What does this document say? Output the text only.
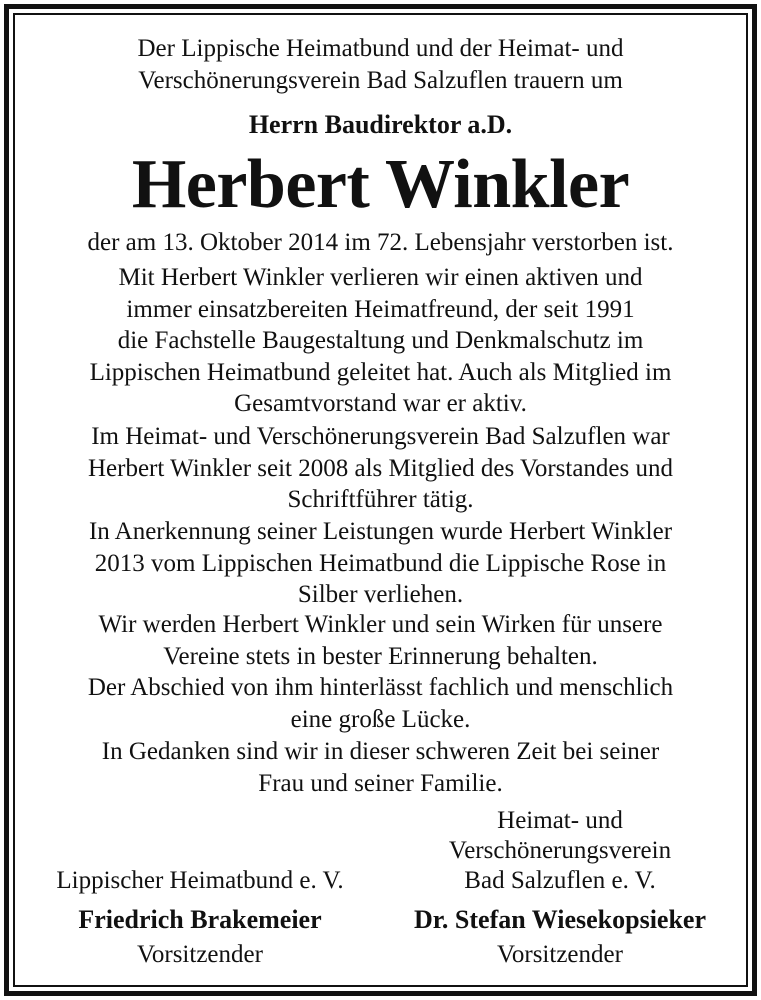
Der Lippische Heimatbund und der Heimat- und
Verschönerungsverein Bad Salzuflen trauern um
Herrn Baudirektor a.D.
Herbert Winkler
der am 13. Oktober 2014 im 72. Lebensjahr verstorben ist.
Mit Herbert Winkler verlieren wir einen aktiven und
immer einsatzbereiten Heimatfreund, der seit 1991
die Fachstelle Baugestaltung und Denkmalschutz im
Lippischen Heimatbund geleitet hat. Auch als Mitglied im
Gesamtvorstand war er aktiv.
Im Heimat- und Verschönerungsverein Bad Salzuflen war
Herbert Winkler seit 2008 als Mitglied des Vorstandes und
Schriftführer tätig.
In Anerkennung seiner Leistungen wurde Herbert Winkler
2013 vom Lippischen Heimatbund die Lippische Rose in
Silber verliehen.
Wir werden Herbert Winkler und sein Wirken für unsere
Vereine stets in bester Erinnerung behalten.
Der Abschied von ihm hinterlässt fachlich und menschlich
eine große Lücke.
In Gedanken sind wir in dieser schweren Zeit bei seiner
Frau und seiner Familie.
Lippischer Heimatbund e. V.
Friedrich Brakemeier
Vorsitzender
Heimat- und
Verschönerungsverein
Bad Salzuflen e. V.
Dr. Stefan Wiesekopsieker
Vorsitzender
